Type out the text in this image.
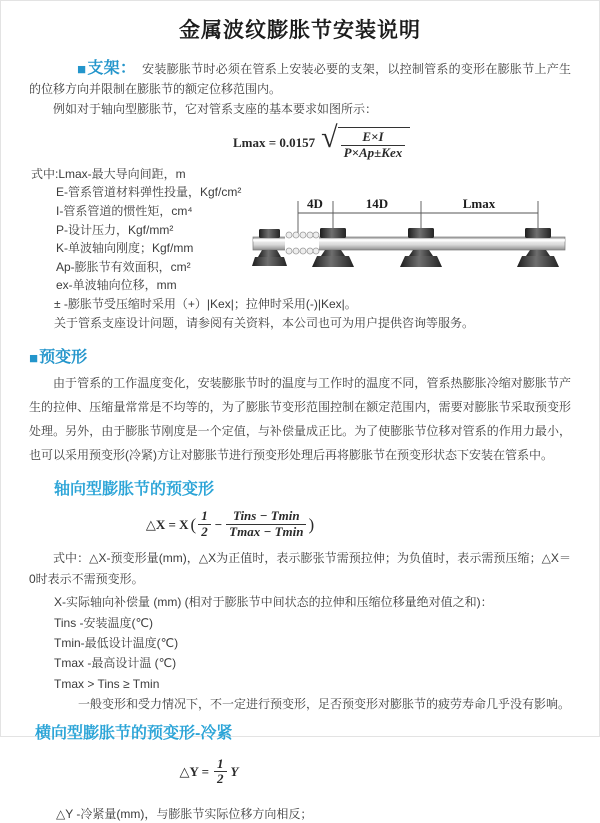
金属波纹膨胀节安装说明

■支架： 安装膨胀节时必须在管系上安装必要的支架，以控制管系的变形在膨胀节上产生的位移方向并限制在膨胀节的额定位移范围内。

例如对于轴向型膨胀节，它对管系支座的基本要求如图所示：

Lmax = 0.0157 √ $\frac{E\times I}{\text{P×Ap±Kex}}$
式中:Lmax-最大导向间距，m
E-管系管道材料弹性投量，Kgf/cm²
I-管系管道的惯性矩，cm⁴
P-设计压力，Kgf/mm²
K-单波轴向刚度；Kgf/mm
Ap-膨胀节有效面积，cm²
ex-单波轴向位移，mm
± -膨胀节受压缩时采用（+）|Kex|；拉伸时采用(-)|Kex|。
关于管系支座设计问题，请参阅有关资料，本公司也可为用户提供咨询等服务。
4D	14D	Lmax

■预变形

由于管系的工作温度变化，安装膨胀节时的温度与工作时的温度不同，管系热膨胀冷缩对膨胀节产生的拉伸、压缩量常常是不均等的，为了膨胀节变形范围控制在额定范围内，需要对膨胀节采取预变形处理。另外，由于膨胀节刚度是一个定值，与补偿量成正比。为了使膨胀节位移对管系的作用力最小，也可以采用预变形(冷紧)方让对膨胀节进行预变形处理后再将膨胀节在预变形状态下安装在管系中。

轴向型膨胀节的预变形
△X = X ( $\frac{1}{2} - \frac{\text{Tins − Tmin}}{Tmax - Tmin}$ )

式中：△X-预变形量(mm)，△X为正值时，表示膨张节需预拉伸；为负值时，表示需预压缩；△X＝0时表示不需预变形。

X-实际轴向补偿量 (mm) (相对于膨胀节中间状态的拉伸和压缩位移量绝对值之和)：
Tins -安装温度(℃)
Tmin-最低设计温度(℃)
Tmax -最高设计温 (℃)
Tmax > Tins ≥ Tmin
一般变形和受力情况下，不一定进行预变形，足否预变形对膨胀节的疲劳寿命几乎没有影响。
横向型膨胀节的预变形-冷紧
△Y = $\frac{1}{2}$ Y
△Y -冷紧量(mm)，与膨胀节实际位移方向相反；
